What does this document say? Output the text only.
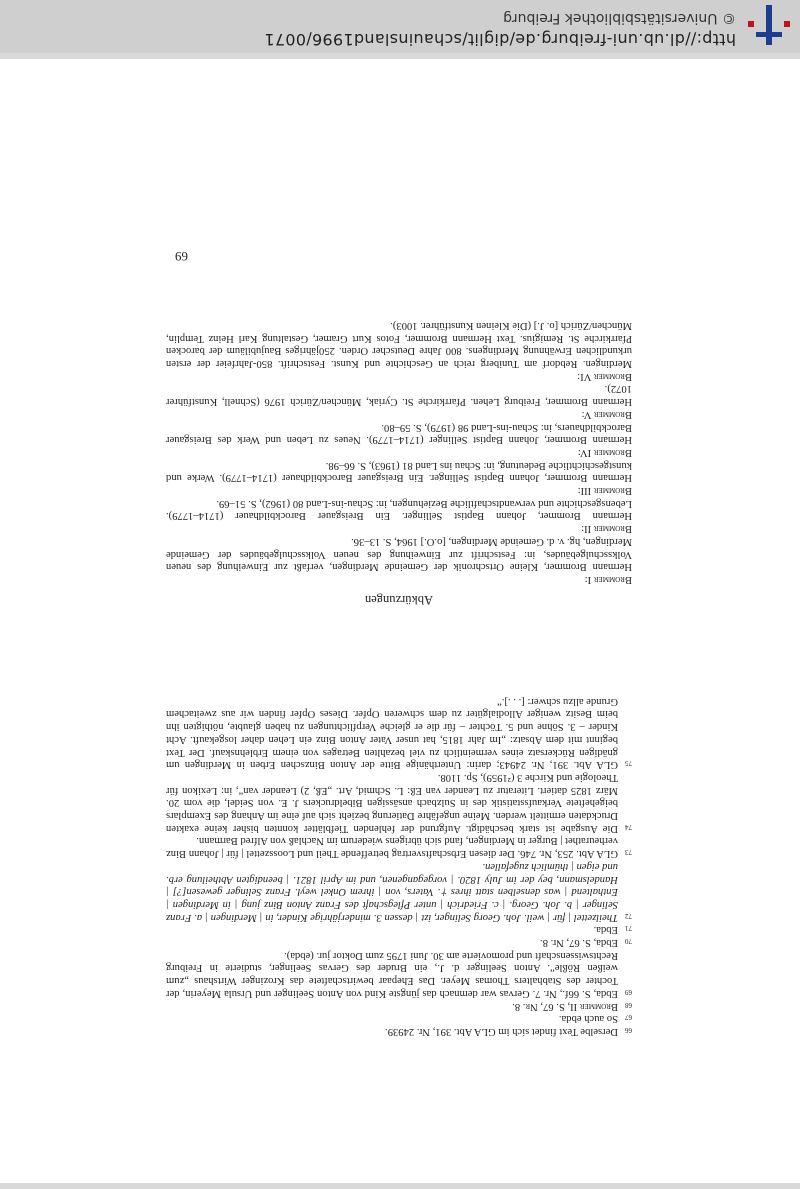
http://dl.ub.uni-freiburg.de/diglit/schauinsland1996/0071
© Universitätsbibliothek Freiburg
66

Derselbe Text findet sich im GLA Abt. 391, Nr. 24939.

67

So auch ebda.

68

Brommer II, S. 67, Nr. 8.

69

Ebda, S. 66f., Nr. 7. Gervas war demnach das jüngste Kind von Anton Seelinger und Ursula Meyerin, der Tochter des Stabhalters Thomas Meyer. Das Ehepaar bewirtschaftete das Krozinger Wirtshaus „zum weißen Rößle“. Anton Seelinger d. J., ein Bruder des Gervas Seelinger, studierte in Freiburg Rechtswissenschaft und promovierte am 30. Juni 1795 zum Doktor jur. (ebda).

70

Ebda, S. 67, Nr. 8.

71

Ebda.

72

Theilzettel | für | weil. Joh. Georg Selinger, izt | dessen 3. minderjährige Kinder, in | Merdingen | a. Franz Selinger | b. Joh. Georg. | c. Friedrich | unter Pflegschaft des Franz Anton Binz jung | in Merdingen | Enthaltend | was denselben statt ihres †. Vaters, von | ihrem Onkel weyl. Franz Selinger gewesen[?] | Handelsmann, bey der im July 1820. | vorgegangenen, und im April 1821. | beendigten Abtheilung erb. und eigen | thümlich zugefallen.

73

GLA Abt. 253, Nr. 746. Der diesen Erbschaftsvertrag betreffende Theil und Loosszettel | für | Johann Binz verheurathet | Burger in Merdingen, fand sich übrigens wiederum im Nachlaß von Alfred Barmann.

74

Die Ausgabe ist stark beschädigt. Aufgrund der fehlenden Tiefblätter konnten bisher keine exakten Druckdaten ermittelt werden. Meine ungefähre Datierung bezieht sich auf eine im Anhang des Exemplars beigeheftete Verkaufsstatistik des in Sulzbach ansässigen Bibeldruckers J. E. von Seidel, die vom 20. März 1825 datiert. Literatur zu Leander van Eß: L. Schmid, Art. „Eß, 2) Leander van“, in: Lexikon für Theologie und Kirche 3 (²1959), Sp. 1108.

75

GLA Abt. 391, Nr. 24943; darin: Unterthänige Bitte der Anton Binzschen Erben in Merdingen um gnädigen Rückersatz eines vermeintlich zu viel bezahlten Betrages von einem Erblehnskauf. Der Text beginnt mit dem Absatz: „Im Jahr 1815, hat unser Vater Anton Binz ein Lehen daher losgekauft. Acht Kinder – 3. Söhne und 5. Töchter – für die er gleiche Verpflichtungen zu haben glaubte, nöthigten ihn beim Besitz weniger Allodialgüter zu dem schweren Opfer. Dieses Opfer finden wir aus zweitachem Grunde allzu schwer: [. . .].“

Abkürzungen
Brommer I:
Hermann Brommer, Kleine Ortschronik der Gemeinde Merdingen, verfaßt zur Einweihung des neuen Volksschulgebäudes, in: Festschrift zur Einweihung des neuen Volksschulgebäudes der Gemeinde Merdingen, hg. v. d. Gemeinde Merdingen, [o.O.] 1964, S. 13–36.
Brommer II:
Hermann Brommer, Johann Baptist Sellinger. Ein Breisgauer Barockbildhauer (1714–1779). Lebensgeschichte und verwandtschaftliche Beziehungen, in: Schau-ins-Land 80 (1962), S. 51–69.
Brommer III:
Hermann Brommer, Johann Baptist Sellinger. Ein Breisgauer Barockbildhauer (1714–1779). Werke und kunstgeschichtliche Bedeutung, in: Schau ins Land 81 (1963), S. 66–98.
Brommer IV:
Hermann Brommer, Johann Baptist Sellinger (1714–1779). Neues zu Leben und Werk des Breisgauer Barockbildhauers, in: Schau-ins-Land 98 (1979), S. 59–80.
Brommer V:
Hermann Brommer, Freiburg Lehen. Pfarrkirche St. Cyriak, München/Zürich 1976 (Schnell, Kunstführer 1072).
Brommer VI:
Merdingen. Rebdorf am Tuniberg reich an Geschichte und Kunst. Festschrift. 850-Jahrfeier der ersten urkundlichen Erwähnung Merdingens. 800 Jahre Deutscher Orden. 250jähriges Baujubiläum der barocken Pfarrkirche St. Remigius. Text Hermann Brommer, Fotos Kurt Gramer, Gestaltung Karl Heinz Templin, München/Zürich [o. J.] (Die Kleinen Kunstführer. 1003).
69
